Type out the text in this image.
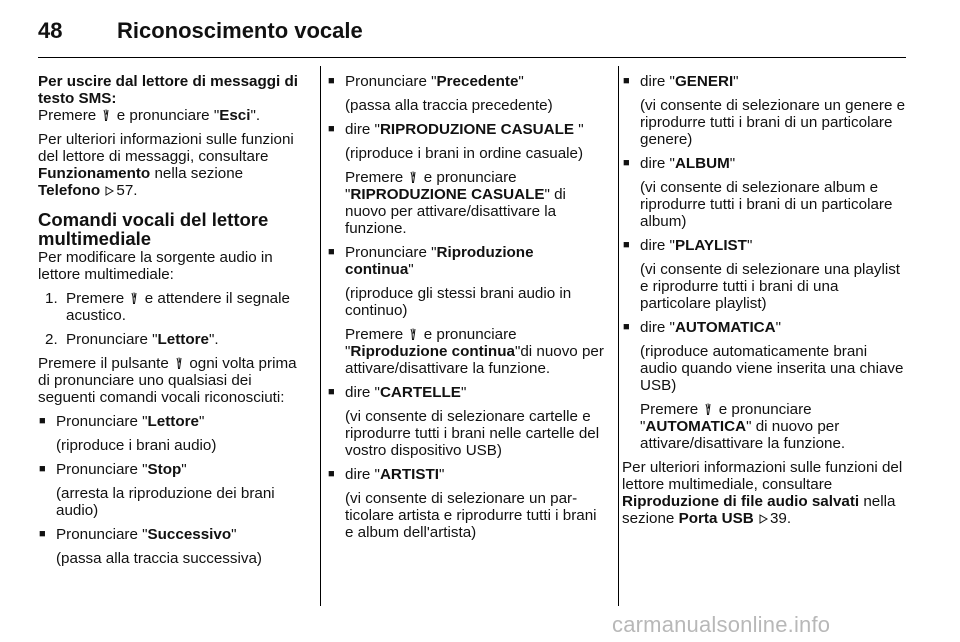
48 Riconoscimento vocale

Per uscire dal lettore di messaggi di testo SMS:

Premere e pronunciare "Esci".

Per ulteriori informazioni sulle funzioni del lettore di messaggi, consultare Funzionamento nella sezione Telefono 57.

Comandi vocali del lettore multimediale

Per modificare la sorgente audio in lettore multimediale:

1. Premere e attendere il segnale acustico.
2. Pronunciare "Lettore".

Premere il pulsante ogni volta prima di pronunciare uno qualsiasi dei seguenti comandi vocali riconosciuti:

■ Pronunciare "Lettore"

(riproduce i brani audio)

■ Pronunciare "Stop"

(arresta la riproduzione dei brani audio)

■ Pronunciare "Successivo"

(passa alla traccia successiva)

■ Pronunciare "Precedente"

(passa alla traccia precedente)

■ dire "RIPRODUZIONE CASUALE "

(riproduce i brani in ordine casuale)

Premere e pronunciare "RIPRODUZIONE CASUALE" di nuovo per attivare/disattivare la funzione.

■ Pronunciare "Riproduzione continua"

(riproduce gli stessi brani audio in continuo)

Premere e pronunciare "Riproduzione continua"di nuovo per attivare/disattivare la funzione.

■ dire "CARTELLE"

(vi consente di selezionare cartelle e riprodurre tutti i brani nelle cartelle del vostro dispositivo USB)

■ dire "ARTISTI"

(vi consente di selezionare un particolare artista e riprodurre tutti i brani e album dell'artista)

■ dire "GENERI"

(vi consente di selezionare un genere e riprodurre tutti i brani di un particolare genere)

■ dire "ALBUM"

(vi consente di selezionare album e riprodurre tutti i brani di un particolare album)

■ dire "PLAYLIST"

(vi consente di selezionare una playlist e riprodurre tutti i brani di una particolare playlist)

■ dire "AUTOMATICA"

(riproduce automaticamente brani audio quando viene inserita una chiave USB)

Premere e pronunciare "AUTOMATICA" di nuovo per attivare/disattivare la funzione.

Per ulteriori informazioni sulle funzioni del lettore multimediale, consultare Riproduzione di file audio salvati nella sezione Porta USB 39.

carmanualsonline.info
